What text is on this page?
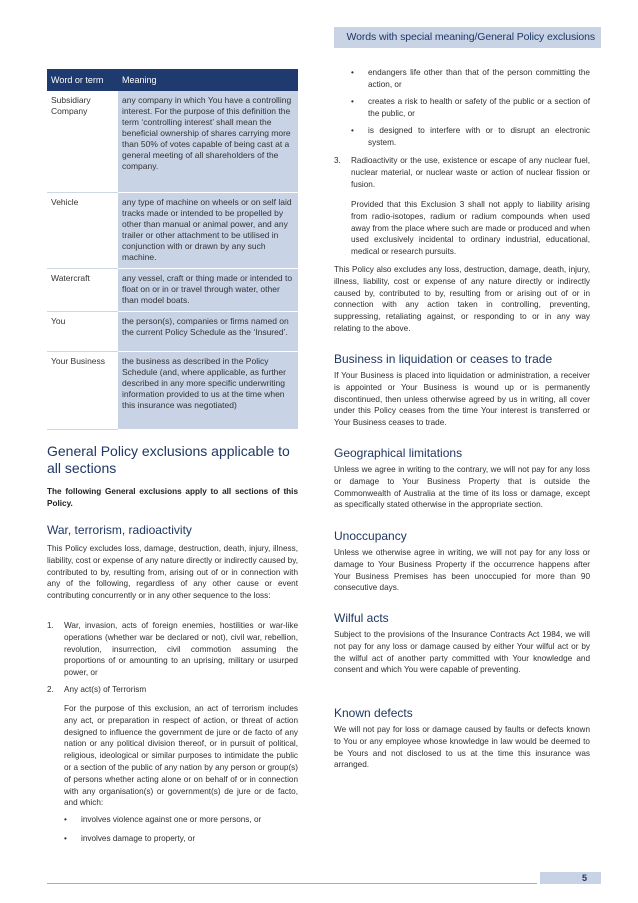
Words with special meaning/General Policy exclusions
Word or term	Meaning
Subsidiary Company	any company in which You have a controlling interest. For the purpose of this definition the term ‘controlling interest’ shall mean the beneficial ownership of shares carrying more than 50% of votes capable of being cast at a general meeting of all shareholders of the company.
Vehicle	any type of machine on wheels or on self laid tracks made or intended to be propelled by other than manual or animal power, and any trailer or other attachment to be utilised in conjunction with or drawn by any such machine.
Watercraft	any vessel, craft or thing made or intended to float on or in or travel through water, other than model boats.
You	the person(s), companies or firms named on the current Policy Schedule as the ‘Insured’.
Your Business	the business as described in the Policy Schedule (and, where applicable, as further described in any more specific underwriting information provided to us at the time when this insurance was negotiated)
General Policy exclusions applicable to all sections

The following General exclusions apply to all sections of this Policy.

War, terrorism, radioactivity

This Policy excludes loss, damage, destruction, death, injury, illness, liability, cost or expense of any nature directly or indirectly caused by, contributed to by, resulting from, arising out of or in connection with any of the following, regardless of any other cause or event contributing concurrently or in any other sequence to the loss:

1. War, invasion, acts of foreign enemies, hostilities or war-like operations (whether war be declared or not), civil war, rebellion, revolution, insurrection, civil commotion assuming the proportions of or amounting to an uprising, military or usurped power, or

2. Any act(s) of Terrorism

For the purpose of this exclusion, an act of terrorism includes any act, or preparation in respect of action, or threat of action designed to influence the government de jure or de facto of any nation or any political division thereof, or in pursuit of political, religious, ideological or similar purposes to intimidate the public or a section of the public of any nation by any person or group(s) of persons whether acting alone or on behalf of or in connection with any organisation(s) or government(s) de jure or de facto, and which:

• involves violence against one or more persons, or

• involves damage to property, or

• endangers life other than that of the person committing the action, or

• creates a risk to health or safety of the public or a section of the public, or

• is designed to interfere with or to disrupt an electronic system.

3. Radioactivity or the use, existence or escape of any nuclear fuel, nuclear material, or nuclear waste or action of nuclear fission or fusion.

Provided that this Exclusion 3 shall not apply to liability arising from radio-isotopes, radium or radium compounds when used away from the place where such are made or produced and when used exclusively incidental to ordinary industrial, educational, medical or research pursuits.

This Policy also excludes any loss, destruction, damage, death, injury, illness, liability, cost or expense of any nature directly or indirectly caused by, contributed to by, resulting from or arising out of or in connection with any action taken in controlling, preventing, suppressing, retaliating against, or responding to or in any way relating to the above.

Business in liquidation or ceases to trade

If Your Business is placed into liquidation or administration, a receiver is appointed or Your Business is wound up or is permanently discontinued, then unless otherwise agreed by us in writing, all cover under this Policy ceases from the time Your interest is transferred or Your Business ceases to trade.

Geographical limitations

Unless we agree in writing to the contrary, we will not pay for any loss or damage to Your Business Property that is outside the Commonwealth of Australia at the time of its loss or damage, except as specifically stated otherwise in the appropriate section.

Unoccupancy

Unless we otherwise agree in writing, we will not pay for any loss or damage to Your Business Property if the occurrence happens after Your Business Premises has been unoccupied for more than 90 consecutive days.

Wilful acts

Subject to the provisions of the Insurance Contracts Act 1984, we will not pay for any loss or damage caused by either Your wilful act or by the wilful act of another party committed with Your knowledge and consent and which You were capable of preventing.

Known defects

We will not pay for loss or damage caused by faults or defects known to You or any employee whose knowledge in law would be deemed to be Yours and not disclosed to us at the time this insurance was arranged.

5
